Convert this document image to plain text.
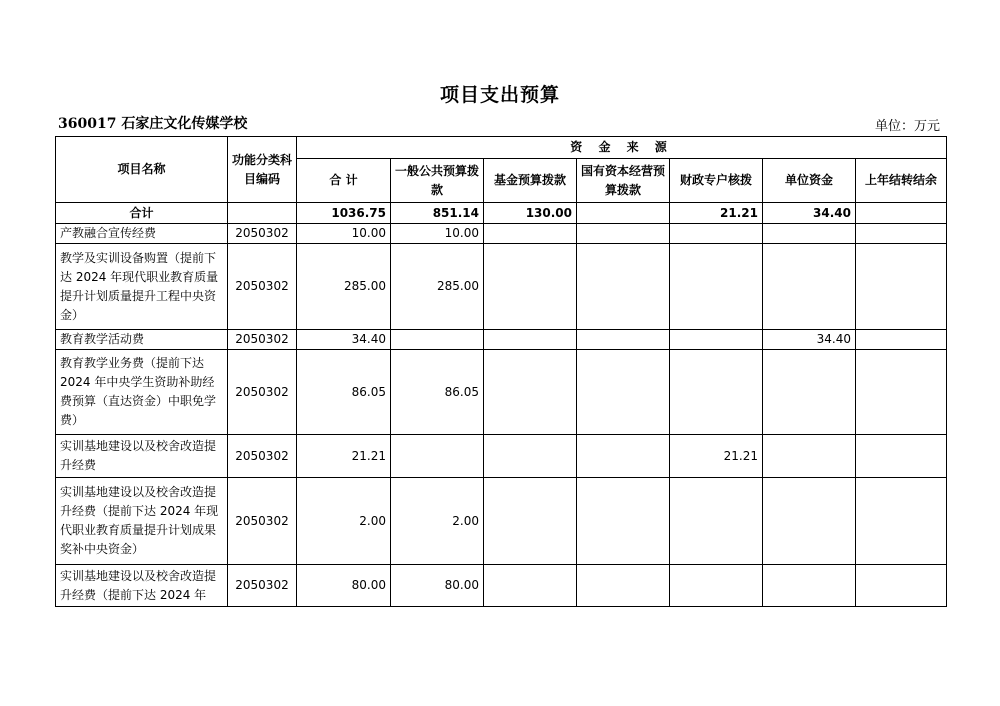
项目支出预算
360017 石家庄文化传媒学校	单位：万元
项目名称	功能分类科目编码	资 金 来 源						
		合 计	一般公共预算拨款	基金预算拨款	国有资本经营预算拨款	财政专户核拨	单位资金	上年结转结余
合计		1036.75	851.14	130.00		21.21	34.40	
产教融合宣传经费	2050302	10.00	10.00					
教学及实训设备购置（提前下达 2024 年现代职业教育质量提升计划质量提升工程中央资金）	2050302	285.00	285.00					
教育教学活动费	2050302	34.40					34.40	
教育教学业务费（提前下达 2024 年中央学生资助补助经费预算（直达资金）中职免学费）	2050302	86.05	86.05					
实训基地建设以及校舍改造提升经费	2050302	21.21				21.21		
实训基地建设以及校舍改造提升经费（提前下达 2024 年现代职业教育质量提升计划成果奖补中央资金）	2050302	2.00	2.00					
实训基地建设以及校舍改造提升经费（提前下达 2024 年	2050302	80.00	80.00					
